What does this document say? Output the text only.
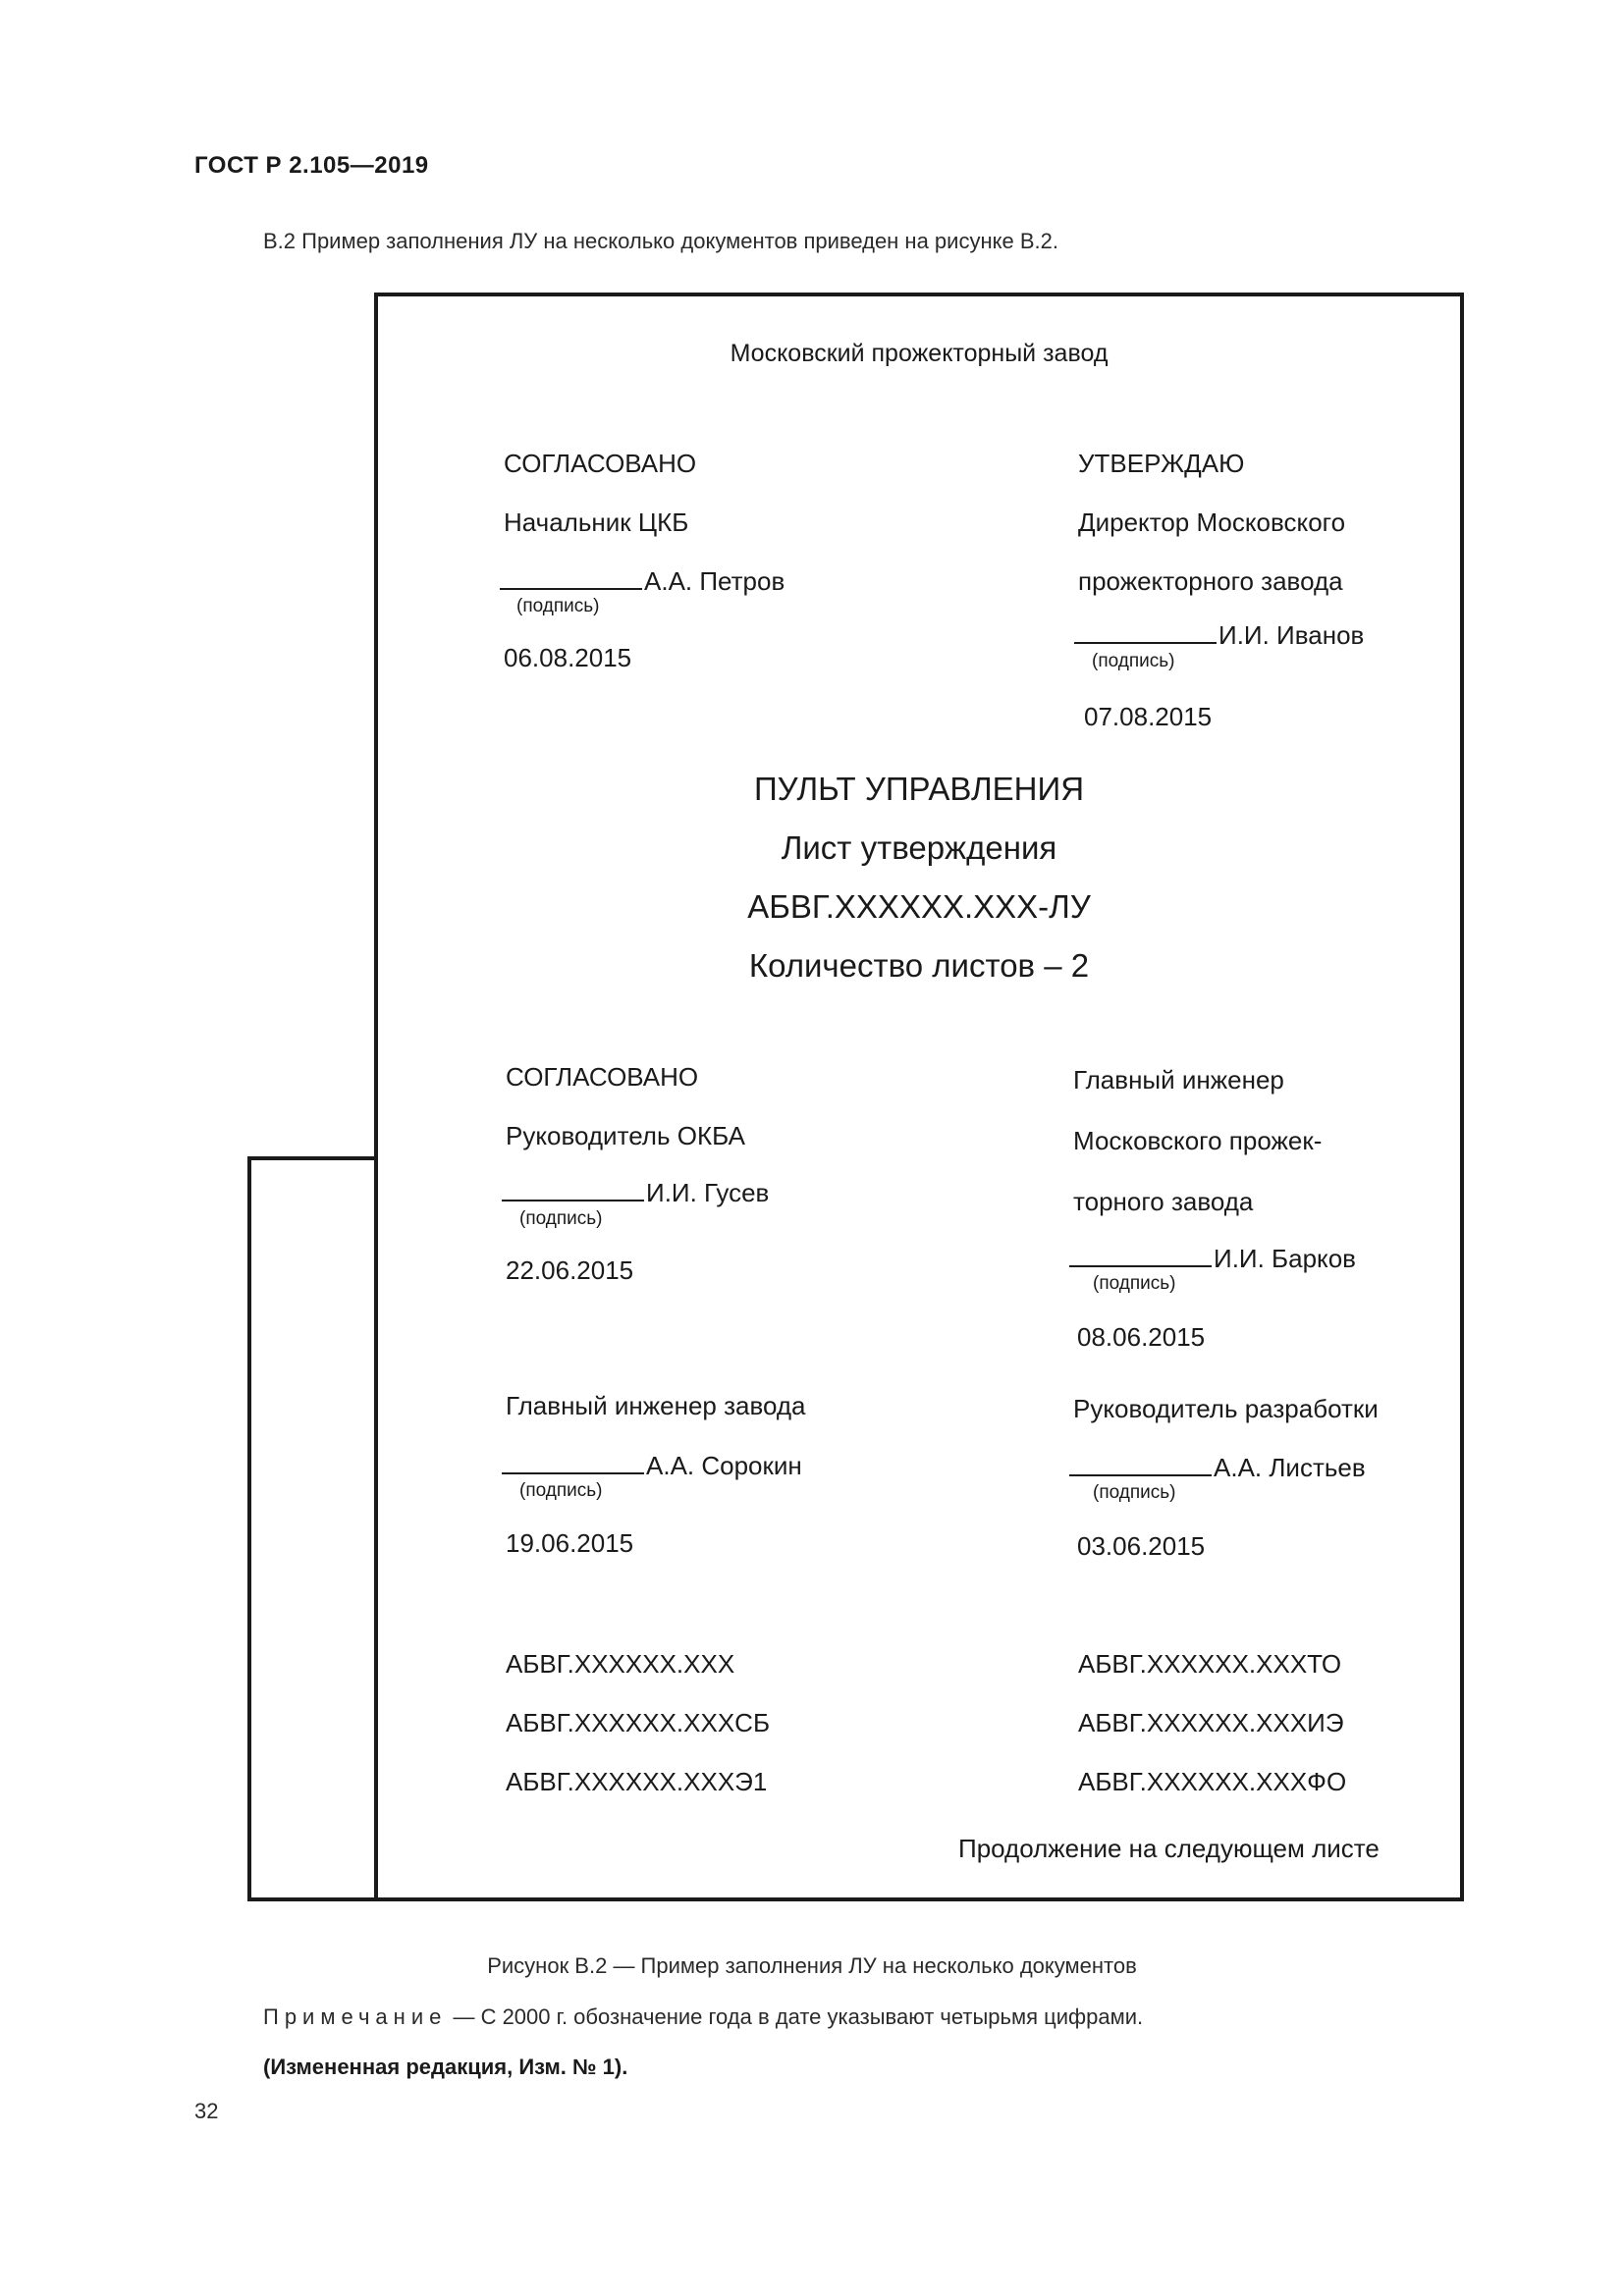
ГОСТ Р 2.105—2019
В.2 Пример заполнения ЛУ на несколько документов приведен на рисунке В.2.
Московский прожекторный завод
СОГЛАСОВАНО
Начальник ЦКБ
А.А. Петров
(подпись)
06.08.2015
УТВЕРЖДАЮ
Директор Московского
прожекторного завода
И.И. Иванов
(подпись)
07.08.2015
ПУЛЬТ УПРАВЛЕНИЯ
Лист утверждения
АБВГ.XXXXXX.XXX-ЛУ
Количество листов – 2
СОГЛАСОВАНО
Руководитель ОКБА
И.И. Гусев
(подпись)
22.06.2015
Главный инженер
Московского прожек-
торного завода
И.И. Барков
(подпись)
08.06.2015
Главный инженер завода
А.А. Сорокин
(подпись)
19.06.2015
Руководитель разработки
А.А. Листьев
(подпись)
03.06.2015
АБВГ.XXXXXX.XXX
АБВГ.XXXXXX.XXXСБ
АБВГ.XXXXXX.XXXЭ1
АБВГ.XXXXXX.XXXТО
АБВГ.XXXXXX.XXXИЭ
АБВГ.XXXXXX.XXXФО
Продолжение на следующем листе
Рисунок В.2 — Пример заполнения ЛУ на несколько документов
Примечание — С 2000 г. обозначение года в дате указывают четырьмя цифрами.
(Измененная редакция, Изм. № 1).
32
